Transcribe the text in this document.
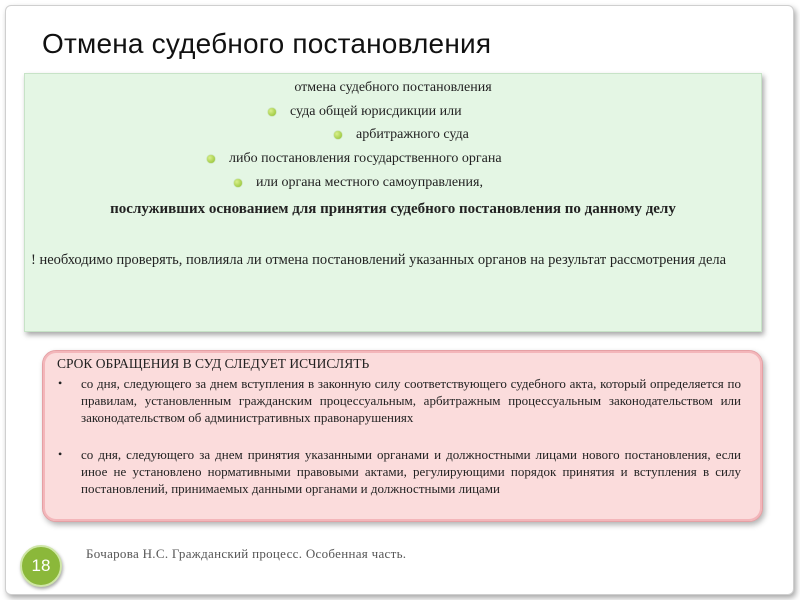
Отмена судебного постановления
отмена судебного постановления
суда общей юрисдикции или
арбитражного суда
либо постановления государственного органа
или органа местного самоуправления,
послуживших основанием для принятия судебного постановления по данному делу
! необходимо проверять, повлияла ли отмена постановлений указанных органов на результат рассмотрения дела
СРОК ОБРАЩЕНИЯ В СУД СЛЕДУЕТ ИСЧИСЛЯТЬ
• со дня, следующего за днем вступления в законную силу соответствующего судебного акта, который определяется по правилам, установленным гражданским процессуальным, арбитражным процессуальным законодательством или законодательством об административных правонарушениях
• со дня, следующего за днем принятия указанными органами и должностными лицами нового постановления, если иное не установлено нормативными правовыми актами, регулирующими порядок принятия и вступления в силу постановлений, принимаемых данными органами и должностными лицами
18
Бочарова Н.С. Гражданский процесс. Особенная часть.
